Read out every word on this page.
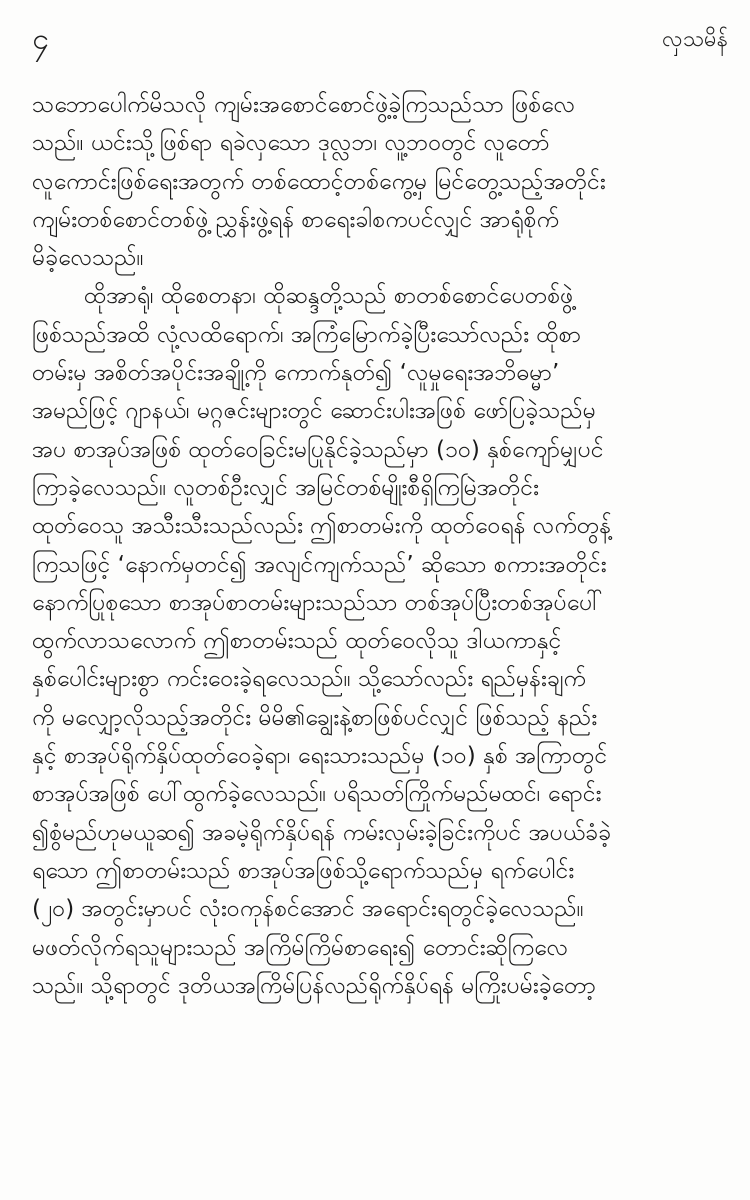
၄	လှသမိန်
သဘောပေါက်မိသလို ကျမ်းအစောင်စောင်ဖွဲ့ခဲ့ကြသည်သာ ဖြစ်လေ
သည်။ ယင်းသို့ဖြစ်ရာ ရခဲလှသော ဒုလ္လဘ၊ လူ့ဘဝတွင် လူတော်
လူကောင်းဖြစ်ရေးအတွက် တစ်ထောင့်တစ်ကွေ့မှ မြင်တွေ့သည့်အတိုင်း
ကျမ်းတစ်စောင်တစ်ဖွဲ့ ညွှန်းဖွဲ့ရန် စာရေးခါစကပင်လျှင် အာရုံစိုက်
မိခဲ့လေသည်။
ထိုအာရုံ၊ ထိုစေတနာ၊ ထိုဆန္ဒတို့သည် စာတစ်စောင်ပေတစ်ဖွဲ့
ဖြစ်သည်အထိ လုံ့လထိရောက်၊ အကြံမြောက်ခဲ့ပြီးသော်လည်း ထိုစာ
တမ်းမှ အစိတ်အပိုင်းအချို့ကို ကောက်နုတ်၍ ‘လူမှုရေးအဘိဓမ္မာ’
အမည်ဖြင့် ဂျာနယ်၊ မဂ္ဂဇင်းများတွင် ဆောင်းပါးအဖြစ် ဖော်ပြခဲ့သည်မှ
အပ စာအုပ်အဖြစ် ထုတ်ဝေခြင်းမပြုနိုင်ခဲ့သည်မှာ (၁၀) နှစ်ကျော်မျှပင်
ကြာခဲ့လေသည်။ လူတစ်ဦးလျှင် အမြင်တစ်မျိုးစီရှိကြမြဲအတိုင်း
ထုတ်ဝေသူ အသီးသီးသည်လည်း ဤစာတမ်းကို ထုတ်ဝေရန် လက်တွန့်
ကြသဖြင့် ‘နောက်မှတင်၍ အလျင်ကျက်သည်’ ဆိုသော စကားအတိုင်း
နောက်ပြုစုသော စာအုပ်စာတမ်းများသည်သာ တစ်အုပ်ပြီးတစ်အုပ်ပေါ်
ထွက်လာသလောက် ဤစာတမ်းသည် ထုတ်ဝေလိုသူ ဒါယကာနှင့်
နှစ်ပေါင်းများစွာ ကင်းဝေးခဲ့ရလေသည်။ သို့သော်လည်း ရည်မှန်းချက်
ကို မလျှော့လိုသည့်အတိုင်း မိမိ၏ချွေးနဲ့စာဖြစ်ပင်လျှင် ဖြစ်သည့် နည်း
နှင့် စာအုပ်ရိုက်နှိပ်ထုတ်ဝေခဲ့ရာ၊ ရေးသားသည်မှ (၁၀) နှစ် အကြာတွင်
စာအုပ်အဖြစ် ပေါ်ထွက်ခဲ့လေသည်။ ပရိသတ်ကြိုက်မည်မထင်၊ ရောင်း
၍စွံမည်ဟုမယူဆ၍ အခမဲ့ရိုက်နှိပ်ရန် ကမ်းလှမ်းခဲ့ခြင်းကိုပင် အပယ်ခံခဲ့
ရသော ဤစာတမ်းသည် စာအုပ်အဖြစ်သို့ရောက်သည်မှ ရက်ပေါင်း
(၂၀) အတွင်းမှာပင် လုံးဝကုန်စင်အောင် အရောင်းရတွင်ခဲ့လေသည်။
မဖတ်လိုက်ရသူများသည် အကြိမ်ကြိမ်စာရေး၍ တောင်းဆိုကြလေ
သည်။ သို့ရာတွင် ဒုတိယအကြိမ်ပြန်လည်ရိုက်နှိပ်ရန် မကြိုးပမ်းခဲ့တော့
